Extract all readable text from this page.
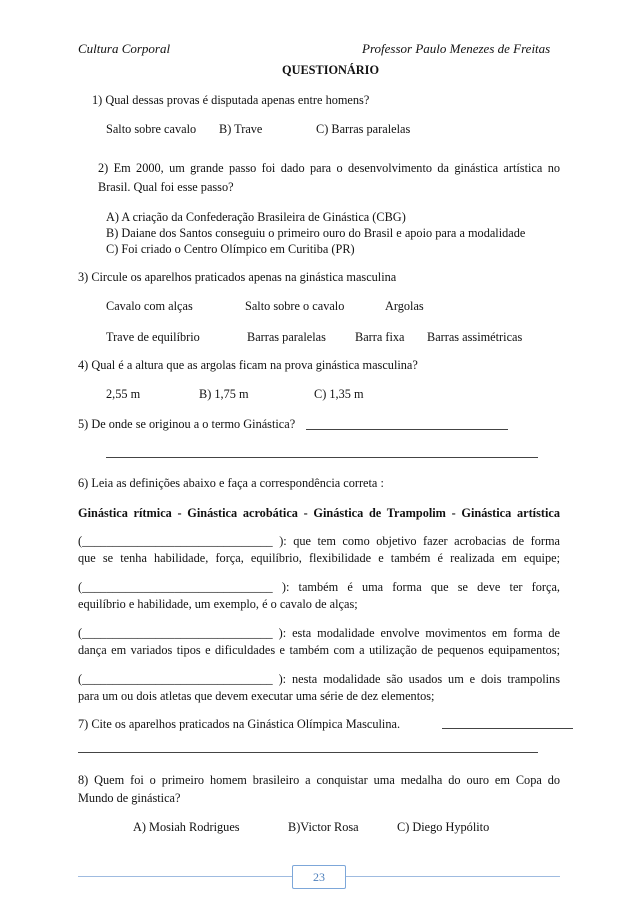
Cultura Corporal	Professor Paulo Menezes de Freitas
QUESTIONÁRIO
1) Qual dessas provas é disputada apenas entre homens?
Salto sobre cavalo B) Trave	C) Barras paralelas
2) Em 2000, um grande passo foi dado para o desenvolvimento da ginástica artística no
Brasil. Qual foi esse passo?
A) A criação da Confederação Brasileira de Ginástica (CBG)
B) Daiane dos Santos conseguiu o primeiro ouro do Brasil e apoio para a modalidade
C) Foi criado o Centro Olímpico em Curitiba (PR)
3) Circule os aparelhos praticados apenas na ginástica masculina
Cavalo com alças	Salto sobre o cavalo	Argolas
Trave de equilíbrio	Barras paralelas Barra fixa Barras assimétricas
4) Qual é a altura que as argolas ficam na prova ginástica masculina?
2,55 m	B) 1,75 m	C) 1,35 m
5) De onde se originou a o termo Ginástica?
6) Leia as definições abaixo e faça a correspondência correta :
Ginástica rítmica - Ginástica acrobática - Ginástica de Trampolim - Ginástica artística
(_______________________________ ): que tem como objetivo fazer acrobacias de forma
que se tenha habilidade, força, equilíbrio, flexibilidade e também é realizada em equipe;
(_______________________________ ): também é uma forma que se deve ter força,
equilíbrio e habilidade, um exemplo, é o cavalo de alças;
(_______________________________ ): esta modalidade envolve movimentos em forma de
dança em variados tipos e dificuldades e também com a utilização de pequenos equipamentos;
(_______________________________ ): nesta modalidade são usados um e dois trampolins
para um ou dois atletas que devem executar uma série de dez elementos;
7) Cite os aparelhos praticados na Ginástica Olímpica Masculina.
8) Quem foi o primeiro homem brasileiro a conquistar uma medalha do ouro em Copa do
Mundo de ginástica?
A) Mosiah Rodrigues	B)Victor Rosa	C) Diego Hypólito
23
